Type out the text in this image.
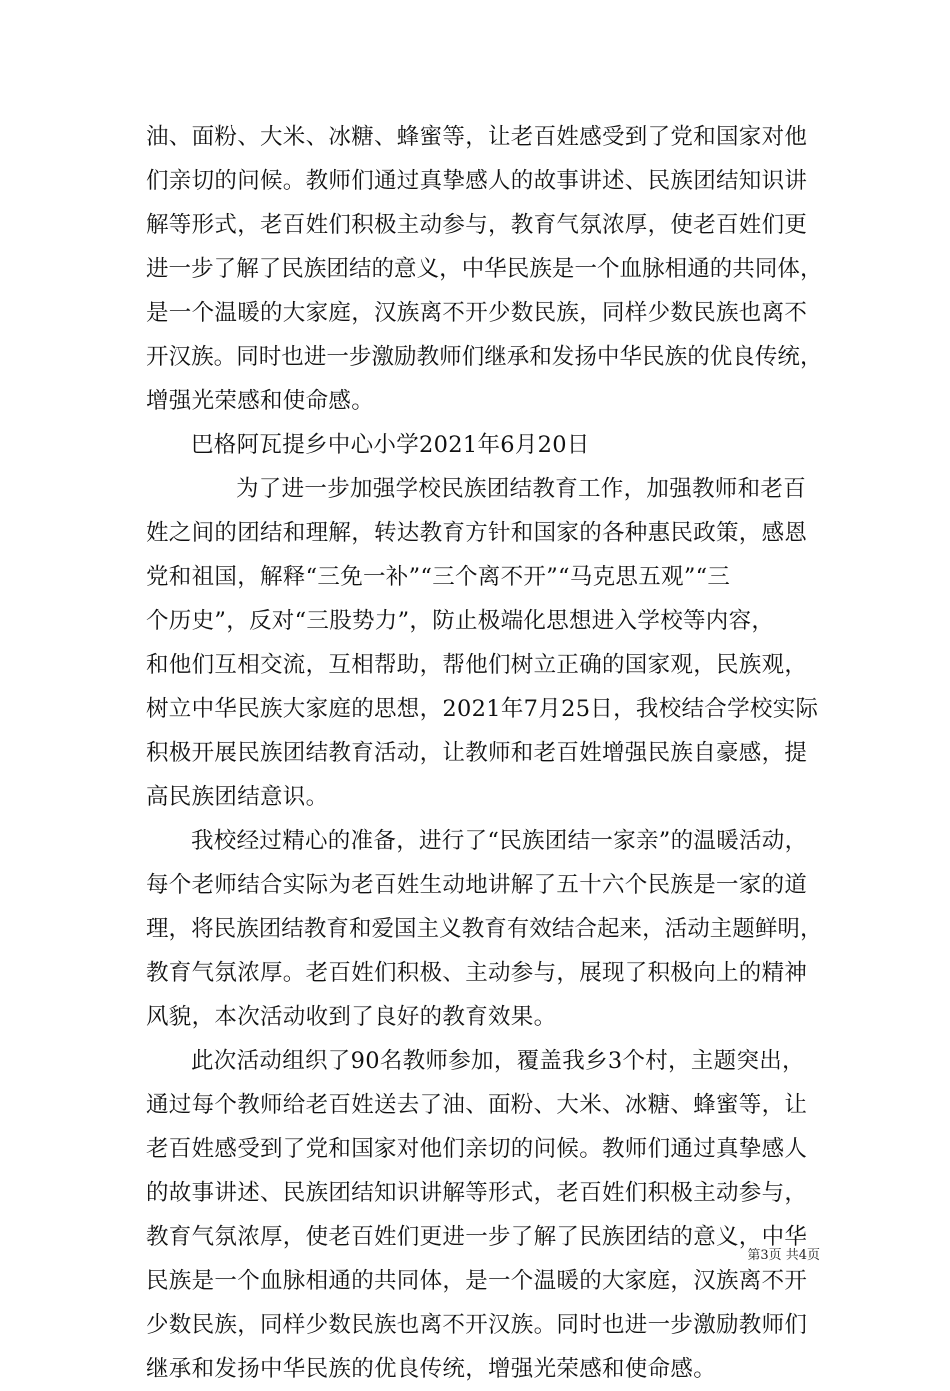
油、面粉、大米、冰糖、蜂蜜等，让老百姓感受到了党和国家对他
们亲切的问候。教师们通过真挚感人的故事讲述、民族团结知识讲
解等形式，老百姓们积极主动参与，教育气氛浓厚，使老百姓们更
进一步了解了民族团结的意义，中华民族是一个血脉相通的共同体，
是一个温暖的大家庭，汉族离不开少数民族，同样少数民族也离不
开汉族。同时也进一步激励教师们继承和发扬中华民族的优良传统，
增强光荣感和使命感。
巴格阿瓦提乡中心小学2021年6月20日
为了进一步加强学校民族团结教育工作，加强教师和老百
姓之间的团结和理解，转达教育方针和国家的各种惠民政策，感恩
党和祖国，解释“三免一补”“三个离不开”“马克思五观”“三
个历史”，反对“三股势力”，防止极端化思想进入学校等内容，
和他们互相交流，互相帮助，帮他们树立正确的国家观，民族观，
树立中华民族大家庭的思想，2021年7月25日，我校结合学校实际
积极开展民族团结教育活动，让教师和老百姓增强民族自豪感，提
高民族团结意识。
我校经过精心的准备，进行了“民族团结一家亲”的温暖活动，
每个老师结合实际为老百姓生动地讲解了五十六个民族是一家的道
理，将民族团结教育和爱国主义教育有效结合起来，活动主题鲜明，
教育气氛浓厚。老百姓们积极、主动参与，展现了积极向上的精神
风貌，本次活动收到了良好的教育效果。
此次活动组织了90名教师参加，覆盖我乡3个村，主题突出，
通过每个教师给老百姓送去了油、面粉、大米、冰糖、蜂蜜等，让
老百姓感受到了党和国家对他们亲切的问候。教师们通过真挚感人
的故事讲述、民族团结知识讲解等形式，老百姓们积极主动参与，
教育气氛浓厚，使老百姓们更进一步了解了民族团结的意义，中华
民族是一个血脉相通的共同体，是一个温暖的大家庭，汉族离不开
少数民族，同样少数民族也离不开汉族。同时也进一步激励教师们
继承和发扬中华民族的优良传统，增强光荣感和使命感。
第3页 共4页
